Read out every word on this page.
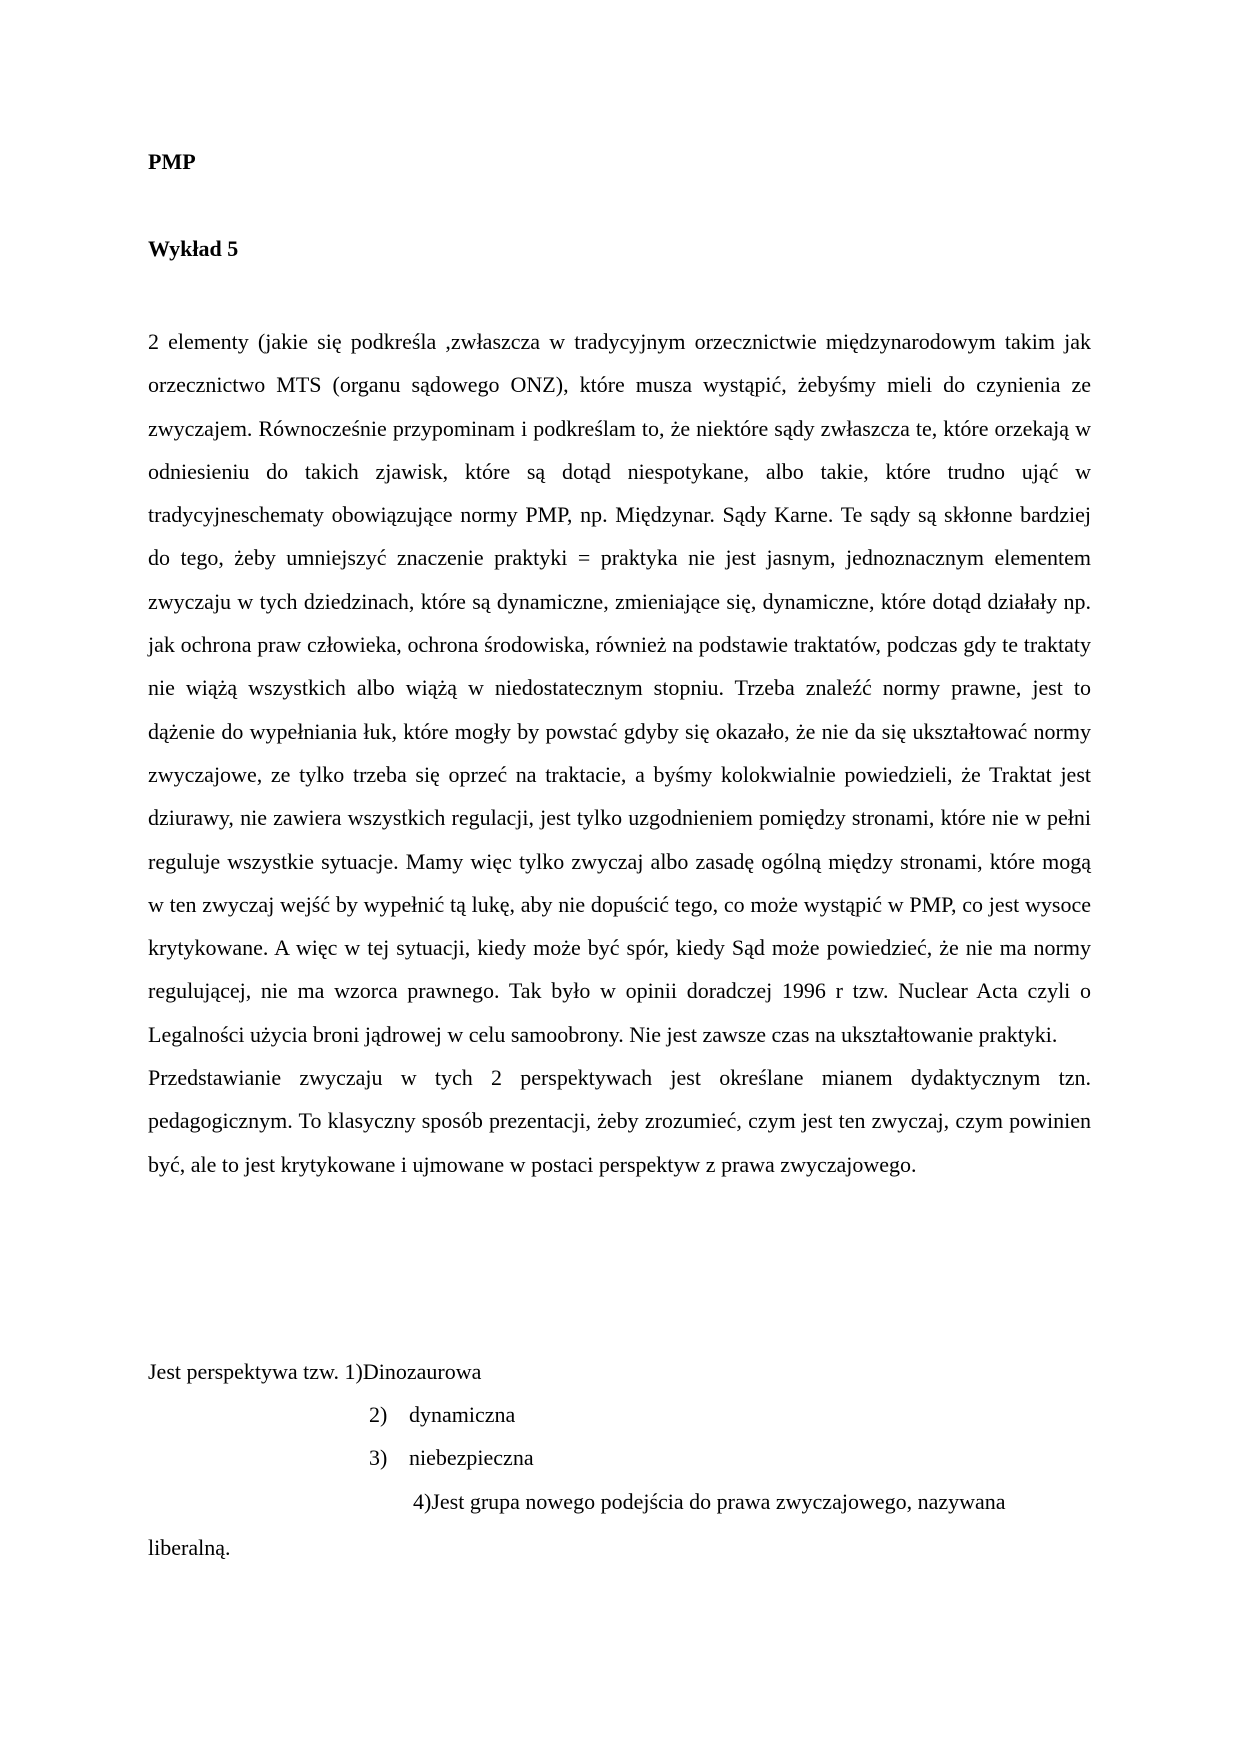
PMP

Wykład 5

2 elementy (jakie się podkreśla ,zwłaszcza w tradycyjnym orzecznictwie międzynarodowym takim jak orzecznictwo MTS (organu sądowego ONZ), które musza wystąpić, żebyśmy mieli do czynienia ze zwyczajem. Równocześnie przypominam i podkreślam to, że niektóre sądy zwłaszcza te, które orzekają w odniesieniu do takich zjawisk, które są dotąd niespotykane, albo takie, które trudno ująć w tradycyjneschematy obowiązujące normy PMP, np. Międzynar. Sądy Karne. Te sądy są skłonne bardziej do tego, żeby umniejszyć znaczenie praktyki = praktyka nie jest jasnym, jednoznacznym elementem zwyczaju w tych dziedzinach, które są dynamiczne, zmieniające się, dynamiczne, które dotąd działały np. jak ochrona praw człowieka, ochrona środowiska, również na podstawie traktatów, podczas gdy te traktaty nie wiążą wszystkich albo wiążą w niedostatecznym stopniu. Trzeba znaleźć normy prawne, jest to dążenie do wypełniania łuk, które mogły by powstać gdyby się okazało, że nie da się ukształtować normy zwyczajowe, ze tylko trzeba się oprzeć na traktacie, a byśmy kolokwialnie powiedzieli, że Traktat jest dziurawy, nie zawiera wszystkich regulacji, jest tylko uzgodnieniem pomiędzy stronami, które nie w pełni reguluje wszystkie sytuacje. Mamy więc tylko zwyczaj albo zasadę ogólną między stronami, które mogą w ten zwyczaj wejść by wypełnić tą lukę, aby nie dopuścić tego, co może wystąpić w PMP, co jest wysoce krytykowane. A więc w tej sytuacji, kiedy może być spór, kiedy Sąd może powiedzieć, że nie ma normy regulującej, nie ma wzorca prawnego. Tak było w opinii doradczej 1996 r tzw. Nuclear Acta czyli o Legalności użycia broni jądrowej w celu samoobrony. Nie jest zawsze czas na ukształtowanie praktyki.

Przedstawianie zwyczaju w tych 2 perspektywach jest określane mianem dydaktycznym tzn. pedagogicznym. To klasyczny sposób prezentacji, żeby zrozumieć, czym jest ten zwyczaj, czym powinien być, ale to jest krytykowane i ujmowane w postaci perspektyw z prawa zwyczajowego.

Jest perspektywa tzw. 1)Dinozaurowa

2) dynamiczna

3) niebezpieczna

4)Jest grupa nowego podejścia do prawa zwyczajowego, nazywana

liberalną.
